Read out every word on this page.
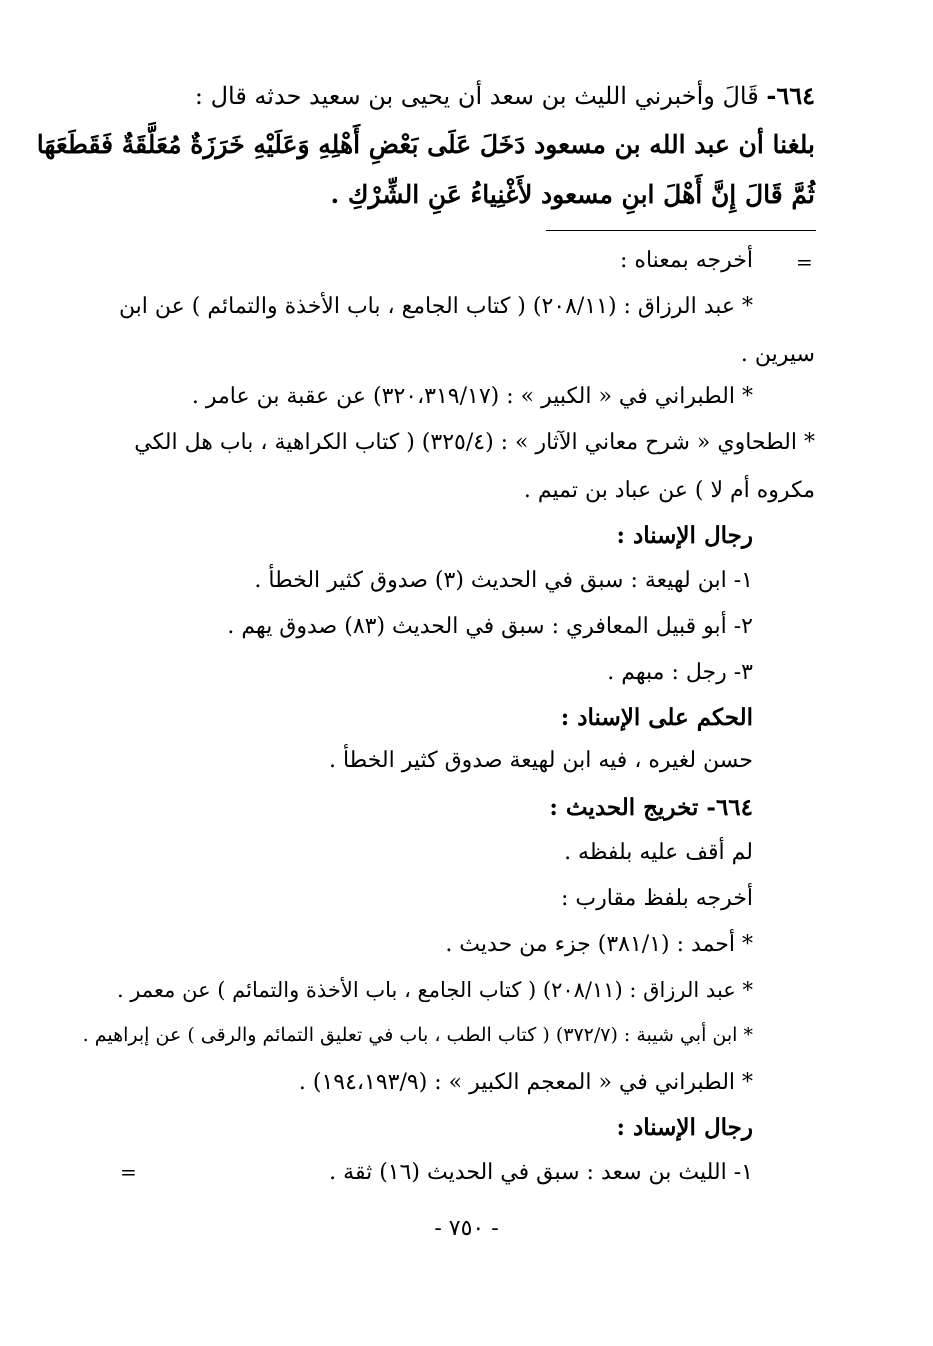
٦٦٤- قَالَ وأخبرني الليث بن سعد أن يحيى بن سعيد حدثه قال :
بلغنا أن عبد الله بن مسعود دَخَلَ عَلَى بَعْضِ أَهْلِهِ وَعَلَيْهِ خَرَزَةٌ مُعَلَّقَةٌ فَقَطَعَهَا
ثُمَّ قَالَ إِنَّ أَهْلَ ابنِ مسعود لأَغْنِياءُ عَنِ الشِّرْكِ .
=
أخرجه بمعناه :
* عبد الرزاق : (٢٠٨/١١) ( كتاب الجامع ، باب الأخذة والتمائم ) عن ابن
سيرين .
* الطبراني في « الكبير » : (٣٢٠،٣١٩/١٧) عن عقبة بن عامر .
* الطحاوي « شرح معاني الآثار » : (٣٢٥/٤) ( كتاب الكراهية ، باب هل الكي
مكروه أم لا ) عن عباد بن تميم .
رجال الإسناد :
١- ابن لهيعة : سبق في الحديث (٣) صدوق كثير الخطأ .
٢- أبو قبيل المعافري : سبق في الحديث (٨٣) صدوق يهم .
٣- رجل : مبهم .
الحكم على الإسناد :
حسن لغيره ، فيه ابن لهيعة صدوق كثير الخطأ .
٦٦٤- تخريج الحديث :
لم أقف عليه بلفظه .
أخرجه بلفظ مقارب :
* أحمد : (٣٨١/١) جزء من حديث .
* عبد الرزاق : (٢٠٨/١١) ( كتاب الجامع ، باب الأخذة والتمائم ) عن معمر .
* ابن أبي شيبة : (٣٧٢/٧) ( كتاب الطب ، باب في تعليق التمائم والرقى ) عن إبراهيم .
* الطبراني في « المعجم الكبير » : (١٩٤،١٩٣/٩) .
رجال الإسناد :
١- الليث بن سعد : سبق في الحديث (١٦) ثقة .
=
- ٧٥٠ -
